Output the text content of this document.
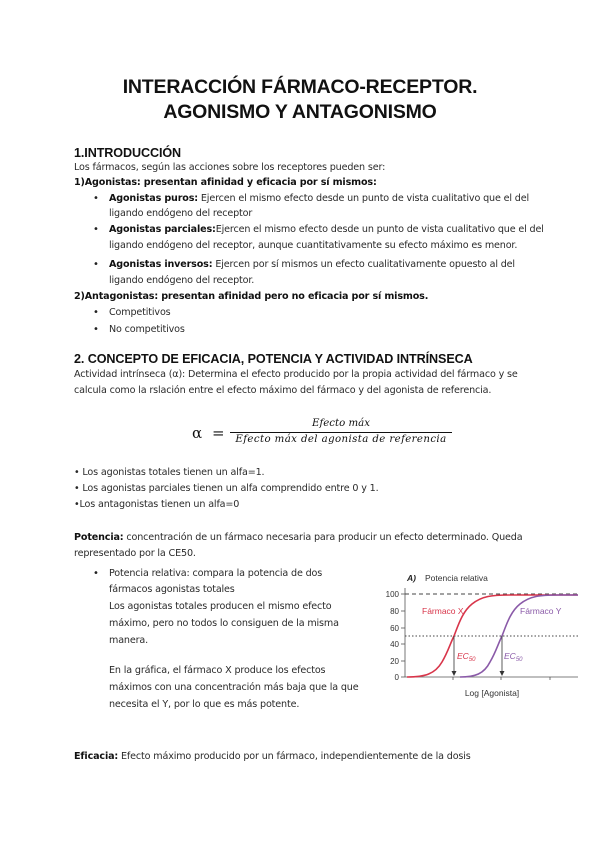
INTERACCIÓN FÁRMACO-RECEPTOR.
AGONISMO Y ANTAGONISMO
1.INTRODUCCIÓN
Los fármacos, según las acciones sobre los receptores pueden ser:
1)Agonistas: presentan afinidad y eficacia por sí mismos:
• Agonistas puros: Ejercen el mismo efecto desde un punto de vista cualitativo que el del
ligando endógeno del receptor
• Agonistas parciales:Ejercen el mismo efecto desde un punto de vista cualitativo que el del
ligando endógeno del receptor, aunque cuantitativamente su efecto máximo es menor.
• Agonistas inversos: Ejercen por sí mismos un efecto cualitativamente opuesto al del
ligando endógeno del receptor.
2)Antagonistas: presentan afinidad pero no eficacia por sí mismos.
• Competitivos
• No competitivos
2. CONCEPTO DE EFICACIA, POTENCIA Y ACTIVIDAD INTRÍNSECA
Actividad intrínseca (α): Determina el efecto producido por la propia actividad del fármaco y se
calcula como la rslación entre el efecto máximo del fármaco y del agonista de referencia.
α =
Efecto máx
Efecto máx del agonista de referencia
• Los agonistas totales tienen un alfa=1.
• Los agonistas parciales tienen un alfa comprendido entre 0 y 1.
•Los antagonistas tienen un alfa=0
Potencia: concentración de un fármaco necesaria para producir un efecto determinado. Queda
representado por la CE50.
• Potencia relativa: compara la potencia de dos
fármacos agonistas totales
Los agonistas totales producen el mismo efecto
máximo, pero no todos lo consiguen de la misma
manera.
En la gráfica, el fármaco X produce los efectos
máximos con una concentración más baja que la que
necesita el Y, por lo que es más potente.
A) Potencia relativa
0
20
40
60
80
100
Fármaco X	Fármaco Y
$EC_{50}$	$EC_{50}$
Log [Agonista]
Eficacia: Efecto máximo producido por un fármaco, independientemente de la dosis
